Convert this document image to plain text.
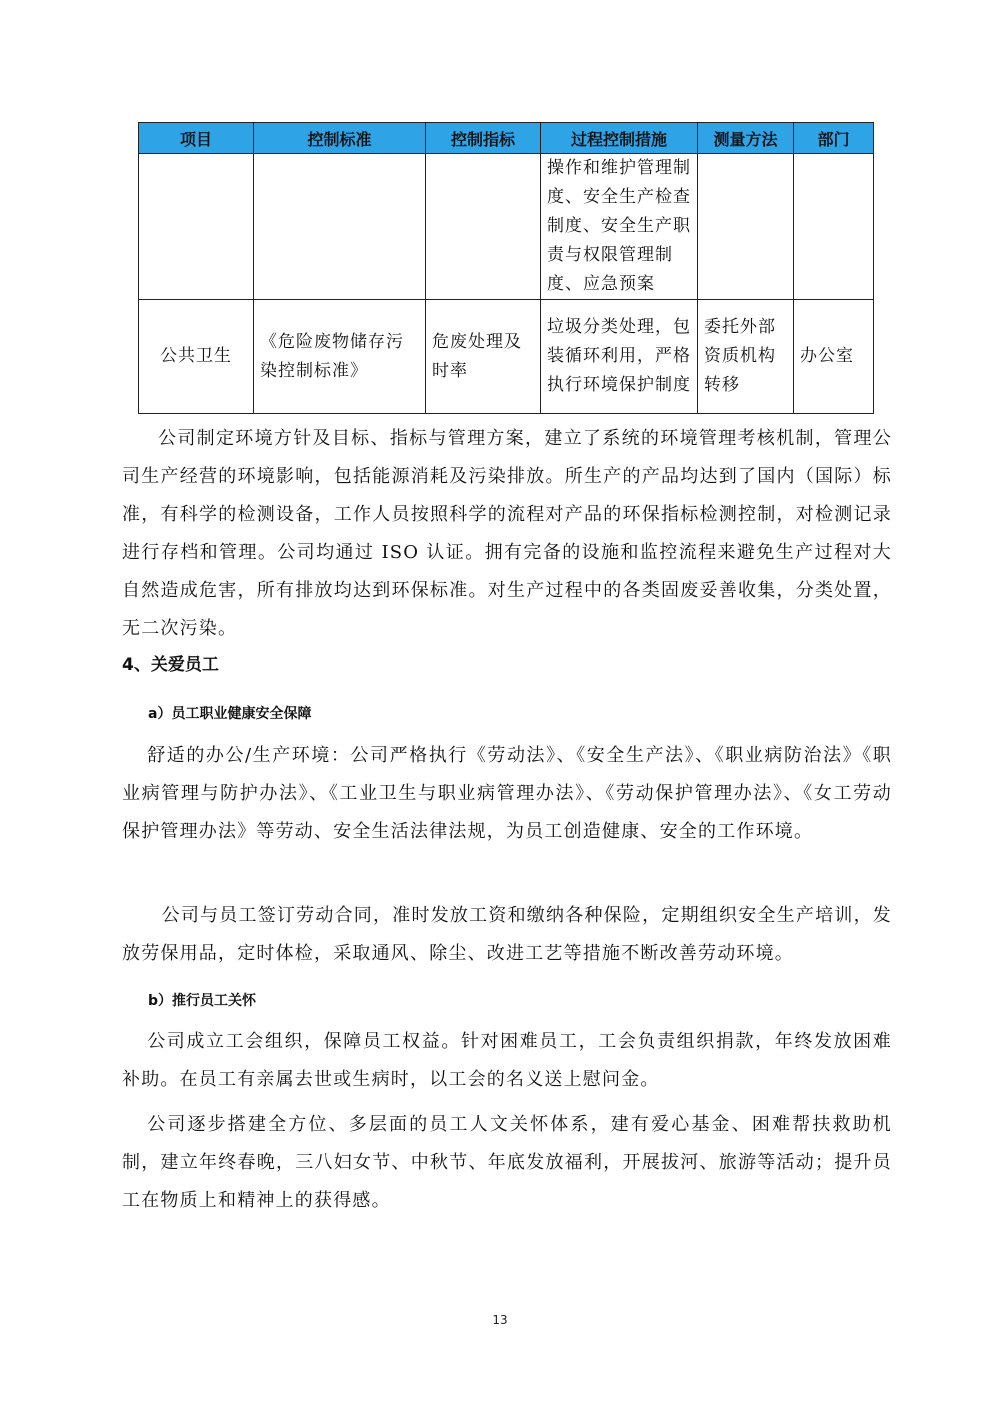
项目	控制标准	控制指标	过程控制措施	测量方法	部门
			操作和维护管理制度、安全生产检查制度、安全生产职责与权限管理制度、应急预案		
公共卫生	《危险废物储存污染控制标准》	危废处理及时率	垃圾分类处理，包装循环利用，严格执行环境保护制度	委托外部资质机构转移	办公室

公司制定环境方针及目标、指标与管理方案，建立了系统的环境管理考核机制，管理公司生产经营的环境影响，包括能源消耗及污染排放。所生产的产品均达到了国内（国际）标准，有科学的检测设备，工作人员按照科学的流程对产品的环保指标检测控制，对检测记录进行存档和管理。公司均通过 ISO 认证。拥有完备的设施和监控流程来避免生产过程对大自然造成危害，所有排放均达到环保标准。对生产过程中的各类固废妥善收集，分类处置，无二次污染。

4、关爱员工
a）员工职业健康安全保障

舒适的办公/生产环境：公司严格执行《劳动法》、《安全生产法》、《职业病防治法》《职业病管理与防护办法》、《工业卫生与职业病管理办法》、《劳动保护管理办法》、《女工劳动保护管理办法》等劳动、安全生活法律法规，为员工创造健康、安全的工作环境。

公司与员工签订劳动合同，准时发放工资和缴纳各种保险，定期组织安全生产培训，发放劳保用品，定时体检，采取通风、除尘、改进工艺等措施不断改善劳动环境。

b）推行员工关怀

公司成立工会组织，保障员工权益。针对困难员工，工会负责组织捐款，年终发放困难补助。在员工有亲属去世或生病时，以工会的名义送上慰问金。

公司逐步搭建全方位、多层面的员工人文关怀体系，建有爱心基金、困难帮扶救助机制，建立年终春晚，三八妇女节、中秋节、年底发放福利，开展拔河、旅游等活动；提升员工在物质上和精神上的获得感。

13
